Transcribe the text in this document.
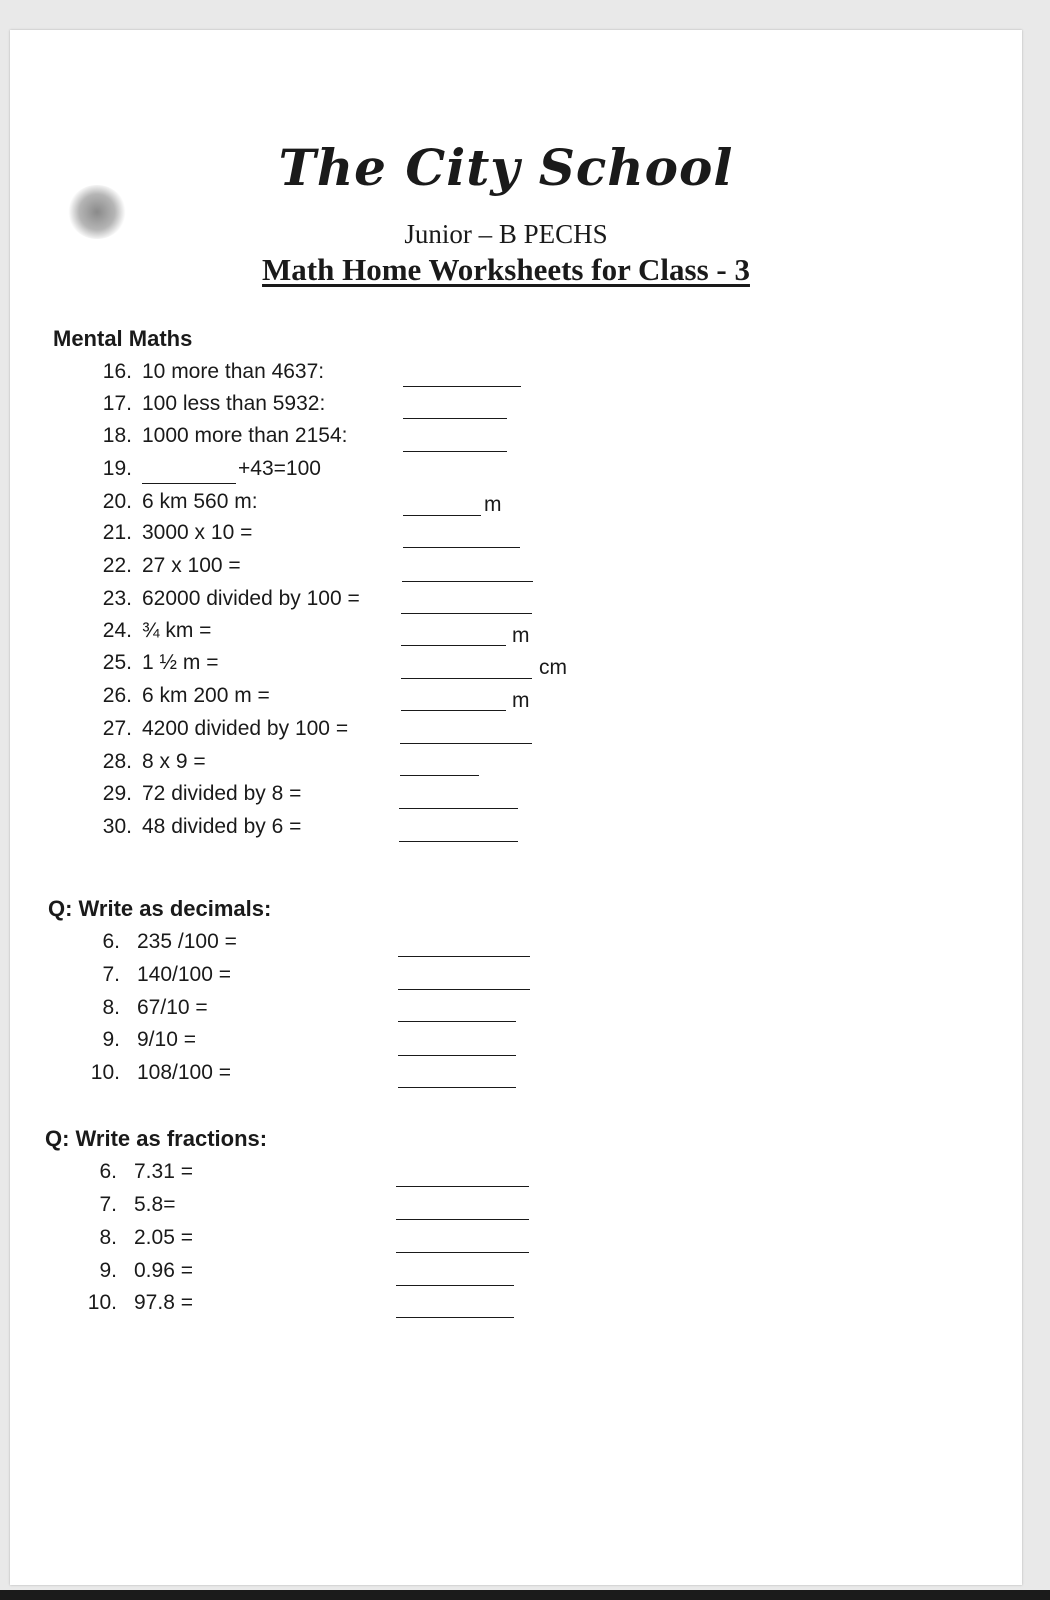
The City School
Junior – B PECHS
Math Home Worksheets for Class - 3
Mental Maths
16. 10 more than 4637:
17. 100 less than 5932:
18. 1000 more than 2154:
19.	+43=100
20. 6 km 560 m:	m
21. 3000 x 10 =
22. 27 x 100 =
23. 62000 divided by 100 =
24. ¾ km =	m
25. 1 ½ m =	cm
26. 6 km 200 m =	m
27. 4200 divided by 100 =
28. 8 x 9 =
29. 72 divided by 8 =
30. 48 divided by 6 =
Q: Write as decimals:
6. 235 /100 =
7. 140/100 =
8. 67/10 =
9. 9/10 =
10. 108/100 =
Q: Write as fractions:
6. 7.31 =
7. 5.8=
8. 2.05 =
9. 0.96 =
10. 97.8 =
